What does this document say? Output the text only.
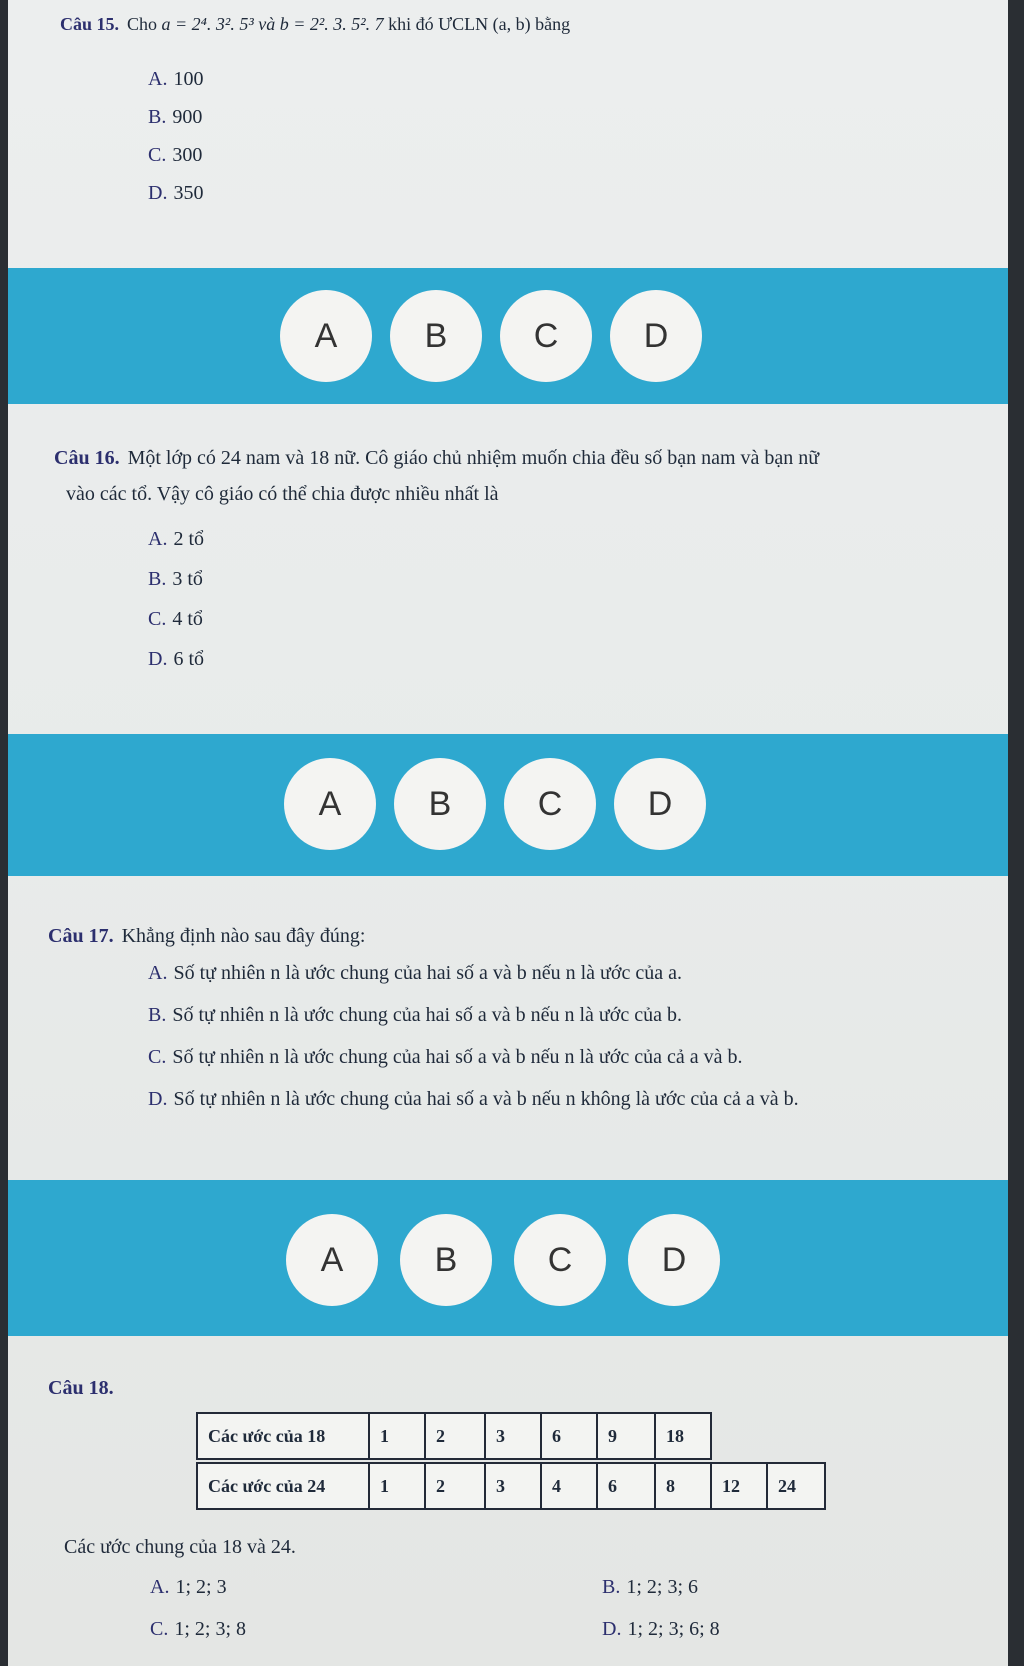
Câu 15. Cho a = 2⁴. 3². 5³ và b = 2². 3. 5². 7 khi đó ƯCLN (a, b) bằng
A. 100
B. 900
C. 300
D. 350
A	B	C	D
Câu 16. Một lớp có 24 nam và 18 nữ. Cô giáo chủ nhiệm muốn chia đều số bạn nam và bạn nữ
vào các tổ. Vậy cô giáo có thể chia được nhiều nhất là
A. 2 tổ
B. 3 tổ
C. 4 tổ
D. 6 tổ
A	B	C	D
Câu 17. Khẳng định nào sau đây đúng:
A. Số tự nhiên n là ước chung của hai số a và b nếu n là ước của a.
B. Số tự nhiên n là ước chung của hai số a và b nếu n là ước của b.
C. Số tự nhiên n là ước chung của hai số a và b nếu n là ước của cả a và b.
D. Số tự nhiên n là ước chung của hai số a và b nếu n không là ước của cả a và b.
A	B	C	D
Câu 18.
Các ước của 18	1	2	3	6	9	18
Các ước của 24	1	2	3	4	6	8	12	24
Các ước chung của 18 và 24.
A. 1; 2; 3	B. 1; 2; 3; 6
C. 1; 2; 3; 8	D. 1; 2; 3; 6; 8
